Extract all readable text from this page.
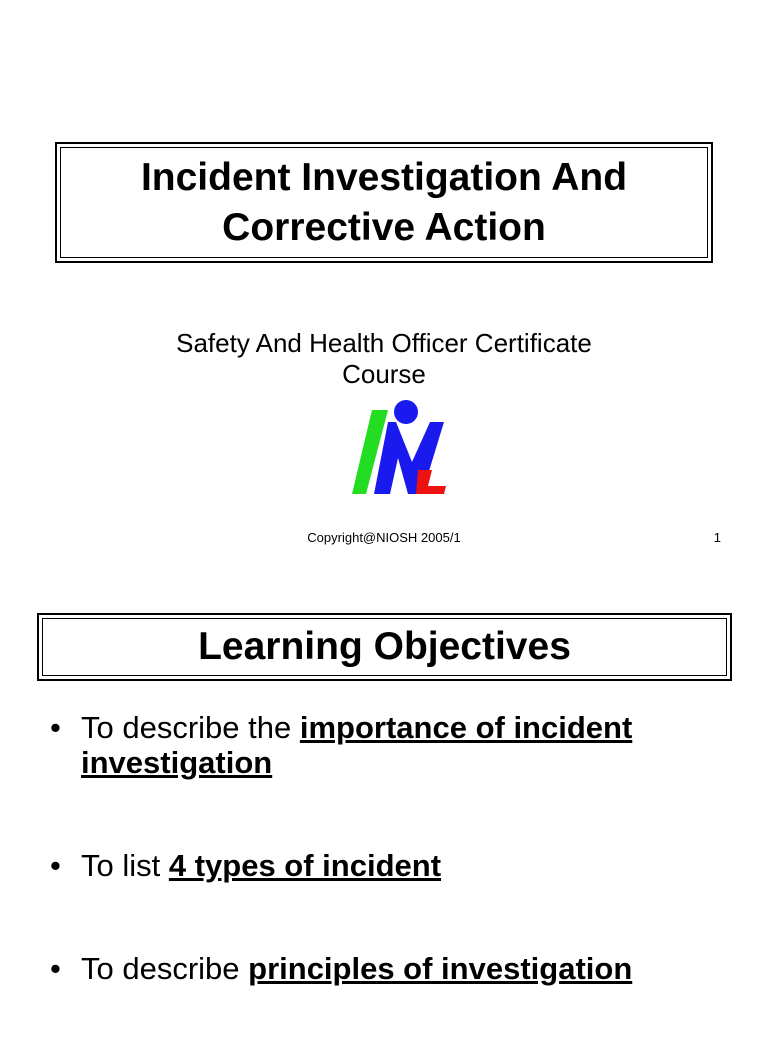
Incident Investigation And
Corrective Action

Safety And Health Officer Certificate
Course

Copyright@NIOSH 2005/1	1
Learning Objectives
• To describe the importance of incident investigation
• To list 4 types of incident
• To describe principles of investigation
